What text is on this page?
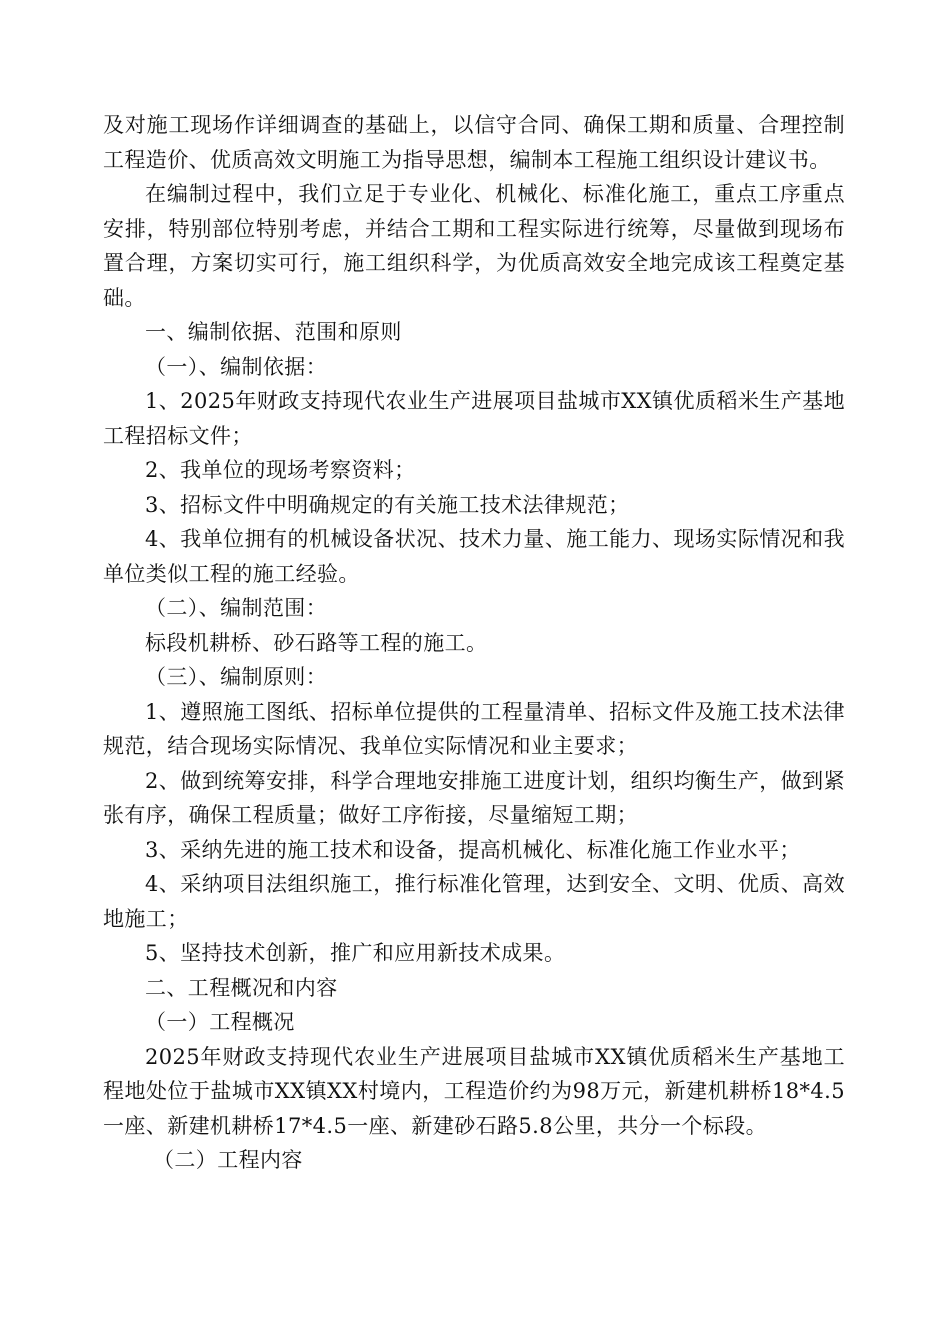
及对施工现场作详细调查的基础上，以信守合同、确保工期和质量、合理控制工程造价、优质高效文明施工为指导思想，编制本工程施工组织设计建议书。

在编制过程中，我们立足于专业化、机械化、标准化施工，重点工序重点安排，特别部位特别考虑，并结合工期和工程实际进行统筹，尽量做到现场布置合理，方案切实可行，施工组织科学，为优质高效安全地完成该工程奠定基础。

一、编制依据、范围和原则

（一）、编制依据：

1、2025年财政支持现代农业生产进展项目盐城市XX镇优质稻米生产基地工程招标文件；

2、我单位的现场考察资料；

3、招标文件中明确规定的有关施工技术法律规范；

4、我单位拥有的机械设备状况、技术力量、施工能力、现场实际情况和我单位类似工程的施工经验。

（二）、编制范围：

标段机耕桥、砂石路等工程的施工。

（三）、编制原则：

1、遵照施工图纸、招标单位提供的工程量清单、招标文件及施工技术法律规范，结合现场实际情况、我单位实际情况和业主要求；

2、做到统筹安排，科学合理地安排施工进度计划，组织均衡生产，做到紧张有序，确保工程质量；做好工序衔接，尽量缩短工期；

3、采纳先进的施工技术和设备，提高机械化、标准化施工作业水平；

4、采纳项目法组织施工，推行标准化管理，达到安全、文明、优质、高效地施工；

5、坚持技术创新，推广和应用新技术成果。

二、工程概况和内容

（一）工程概况

2025年财政支持现代农业生产进展项目盐城市XX镇优质稻米生产基地工程地处位于盐城市XX镇XX村境内，工程造价约为98万元，新建机耕桥18*4.5一座、新建机耕桥17*4.5一座、新建砂石路5.8公里，共分一个标段。

（二）工程内容
